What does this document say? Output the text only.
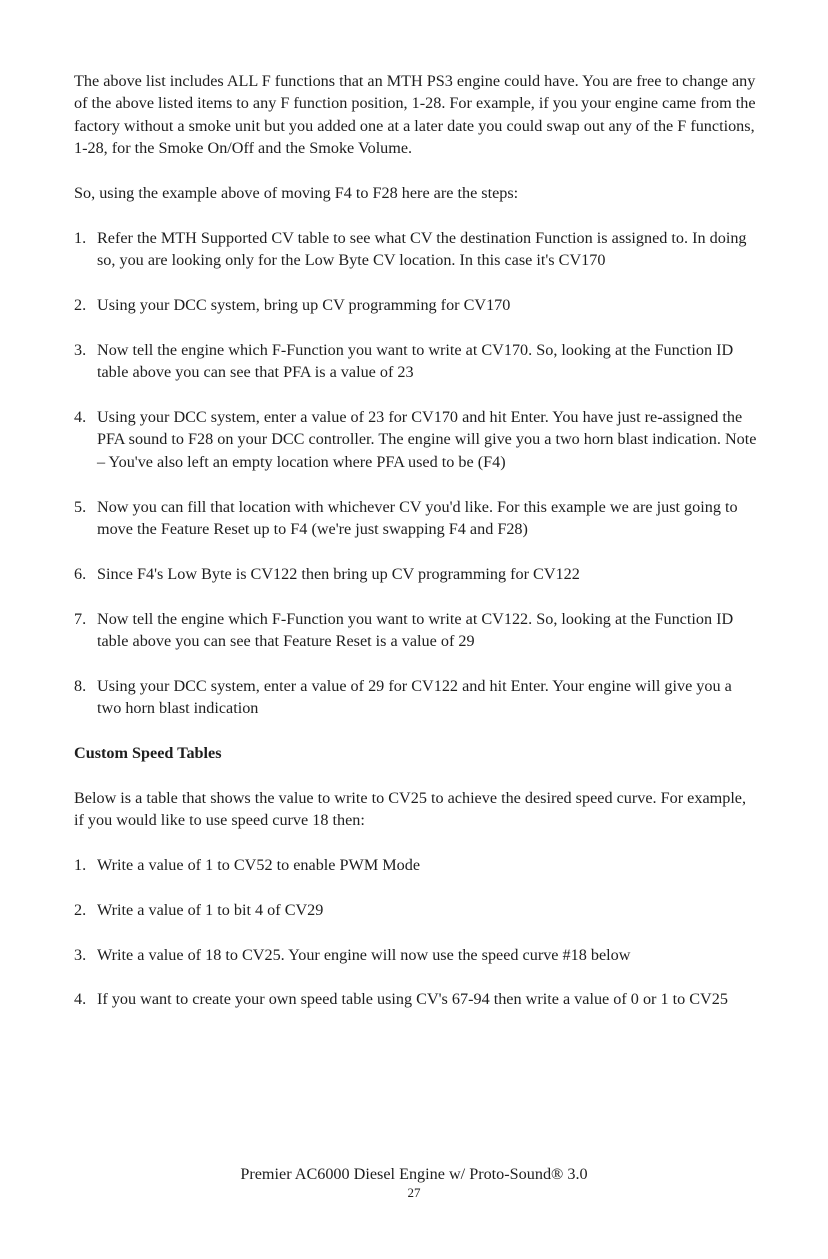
The above list includes ALL F functions that an MTH PS3 engine could have. You are free to change any of the above listed items to any F function position, 1-28. For example, if you your engine came from the factory without a smoke unit but you added one at a later date you could swap out any of the F functions, 1-28, for the Smoke On/Off and the Smoke Volume.

So, using the example above of moving F4 to F28 here are the steps:

1. Refer the MTH Supported CV table to see what CV the destination Function is assigned to. In doing so, you are looking only for the Low Byte CV location. In this case it's CV170
2. Using your DCC system, bring up CV programming for CV170
3. Now tell the engine which F-Function you want to write at CV170. So, looking at the Function ID table above you can see that PFA is a value of 23
4. Using your DCC system, enter a value of 23 for CV170 and hit Enter. You have just re-assigned the PFA sound to F28 on your DCC controller. The engine will give you a two horn blast indication. Note – You've also left an empty location where PFA used to be (F4)
5. Now you can fill that location with whichever CV you'd like. For this example we are just going to move the Feature Reset up to F4 (we're just swapping F4 and F28)
6. Since F4's Low Byte is CV122 then bring up CV programming for CV122
7. Now tell the engine which F-Function you want to write at CV122. So, looking at the Function ID table above you can see that Feature Reset is a value of 29
8. Using your DCC system, enter a value of 29 for CV122 and hit Enter. Your engine will give you a two horn blast indication
Custom Speed Tables

Below is a table that shows the value to write to CV25 to achieve the desired speed curve. For example, if you would like to use speed curve 18 then:

1. Write a value of 1 to CV52 to enable PWM Mode
2. Write a value of 1 to bit 4 of CV29
3. Write a value of 18 to CV25. Your engine will now use the speed curve #18 below
4. If you want to create your own speed table using CV's 67-94 then write a value of 0 or 1 to CV25
Premier AC6000 Diesel Engine w/ Proto-Sound® 3.0
27
